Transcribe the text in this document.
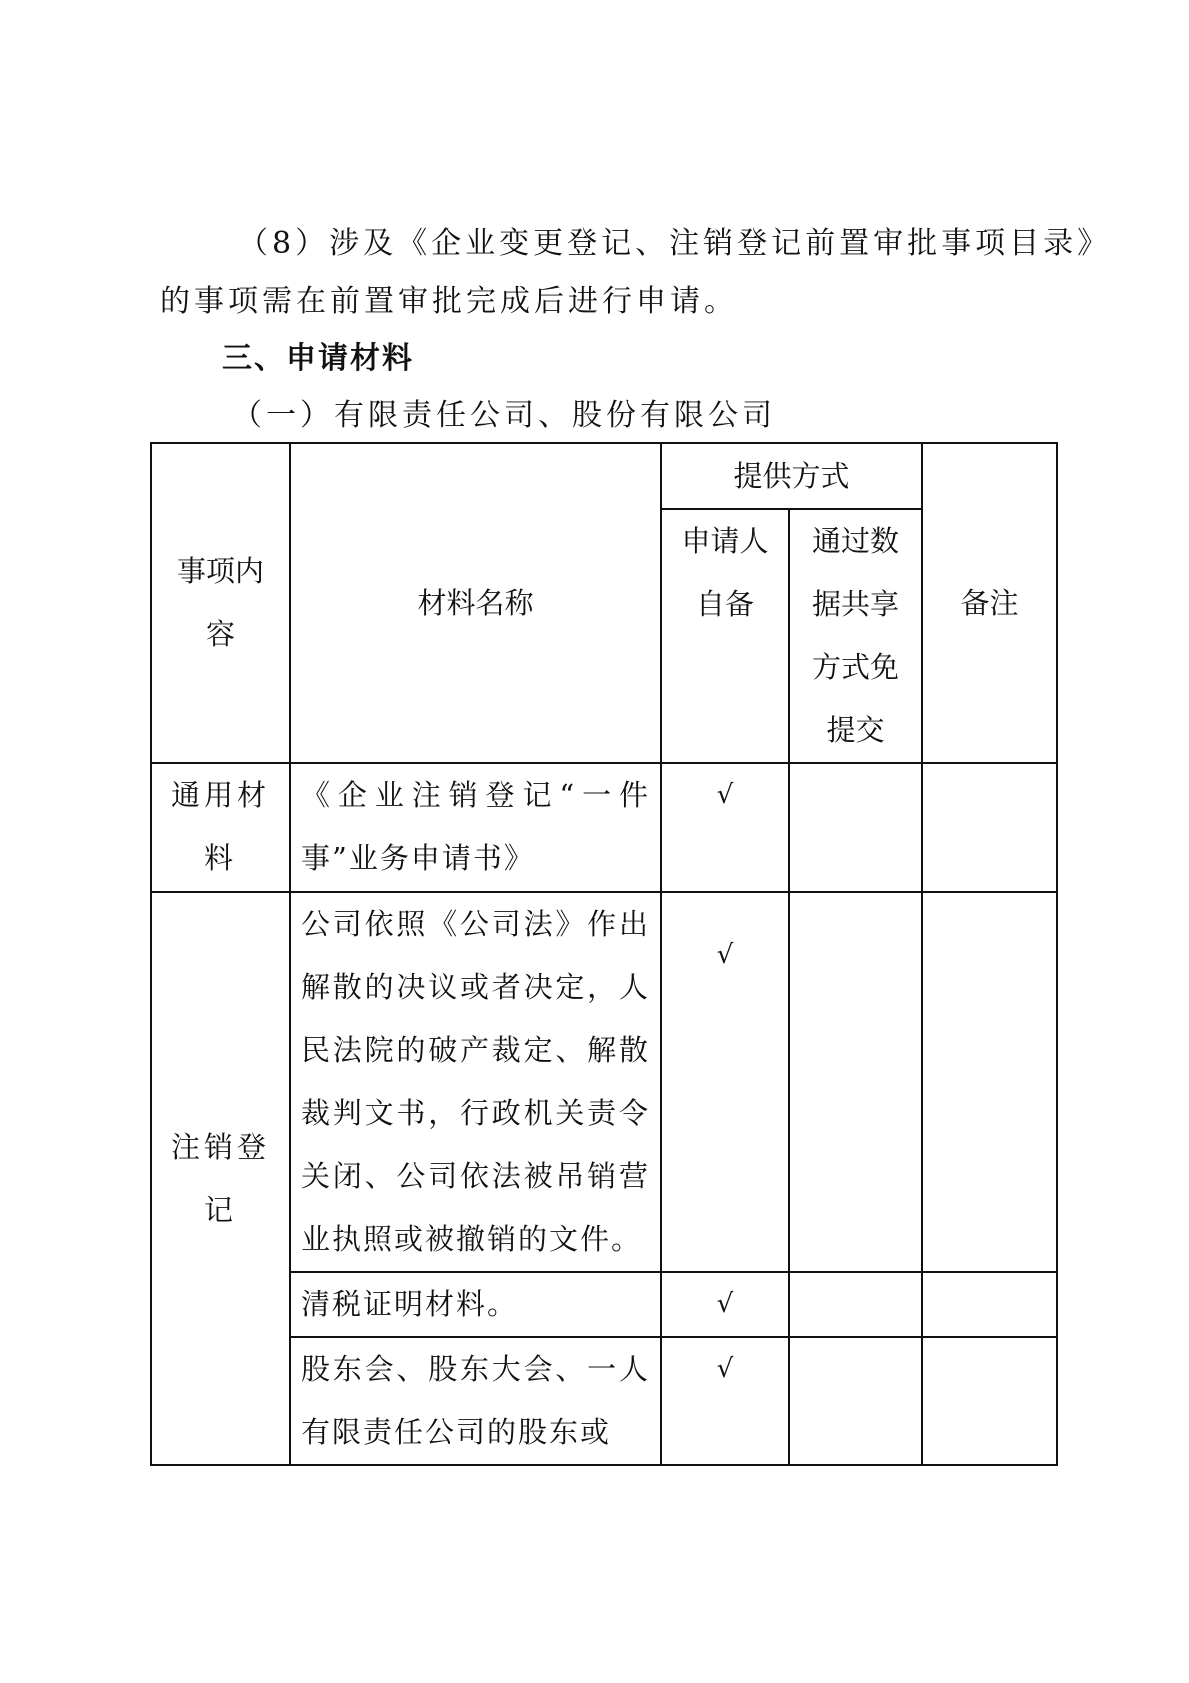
（8）涉及《企业变更登记、注销登记前置审批事项目录》
的事项需在前置审批完成后进行申请。
三、申请材料
（一）有限责任公司、股份有限公司
事项内容	材料名称	提供方式		备注
		申请人自备	通过数据共享方式免提交	
通用材料	《企业注销登记“一件事”业务申请书》	√		
注销登记	公司依照《公司法》作出解散的决议或者决定，人民法院的破产裁定、解散裁判文书，行政机关责令关闭、公司依法被吊销营业执照或被撤销的文件。	√		
	清税证明材料。	√		
	股东会、股东大会、一人有限责任公司的股东或	√		
